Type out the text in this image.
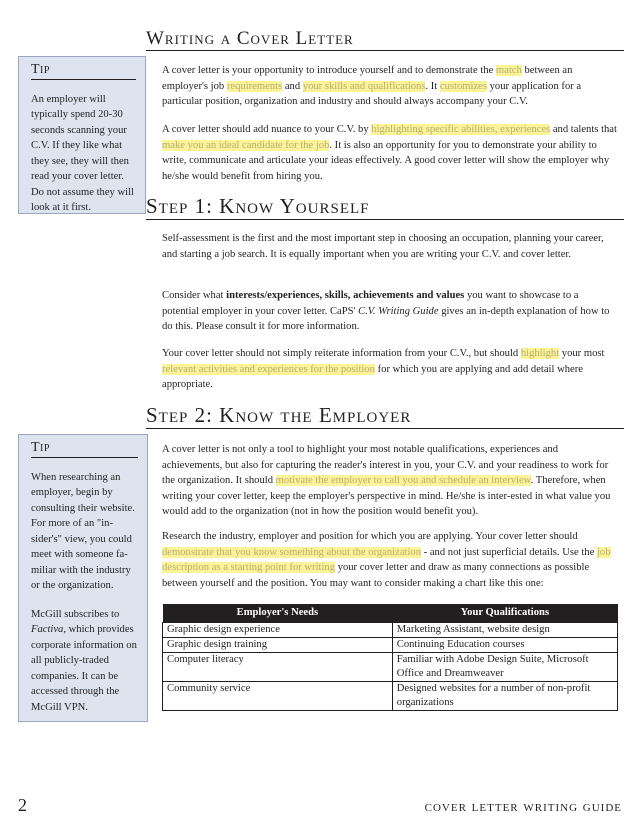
Tip

An employer will typically spend 20-30 seconds scanning your C.V. If they like what they see, they will then read your cover letter. Do not assume they will look at it first.

Tip

When researching an employer, begin by consulting their website. For more of an "in-sider's" view, you could meet with someone fa-miliar with the industry or the organization.

McGill subscribes to Factiva, which provides corporate information on all publicly-traded companies. It can be accessed through the McGill VPN.

Writing a Cover Letter

A cover letter is your opportunity to introduce yourself and to demonstrate the match between an employer's job requirements and your skills and qualifications. It customizes your application for a particular position, organization and industry and should always accompany your C.V.

A cover letter should add nuance to your C.V. by highlighting specific abilities, experiences and talents that make you an ideal candidate for the job. It is also an opportunity for you to demonstrate your ability to write, communicate and articulate your ideas effectively. A good cover letter will show the employer why he/she would benefit from hiring you.

Step 1: Know Yourself

Self-assessment is the first and the most important step in choosing an occupation, planning your career, and starting a job search. It is equally important when you are writing your C.V. and cover letter.

Consider what interests/experiences, skills, achievements and values you want to showcase to a potential employer in your cover letter. CaPS' C.V. Writing Guide gives an in-depth explanation of how to do this. Please consult it for more information.

Your cover letter should not simply reiterate information from your C.V., but should highlight your most relevant activities and experiences for the position for which you are applying and add detail where appropriate.

Step 2: Know the Employer

A cover letter is not only a tool to highlight your most notable qualifications, experiences and achievements, but also for capturing the reader's interest in you, your C.V. and your readiness to work for the organization. It should motivate the employer to call you and schedule an interview. Therefore, when writing your cover letter, keep the employer's perspective in mind. He/she is inter-ested in what value you would add to the organization (not in how the position would benefit you).

Research the industry, employer and position for which you are applying. Your cover letter should demonstrate that you know something about the organization - and not just superficial details. Use the job description as a starting point for writing your cover letter and draw as many connections as possible between yourself and the position. You may want to consider making a chart like this one:

Employer's Needs	Your Qualifications
Graphic design experience	Marketing Assistant, website design
Graphic design training	Continuing Education courses
Computer literacy	Familiar with Adobe Design Suite, Microsoft Office and Dreamweaver
Community service	Designed websites for a number of non-profit organizations
2	cover letter writing guide
